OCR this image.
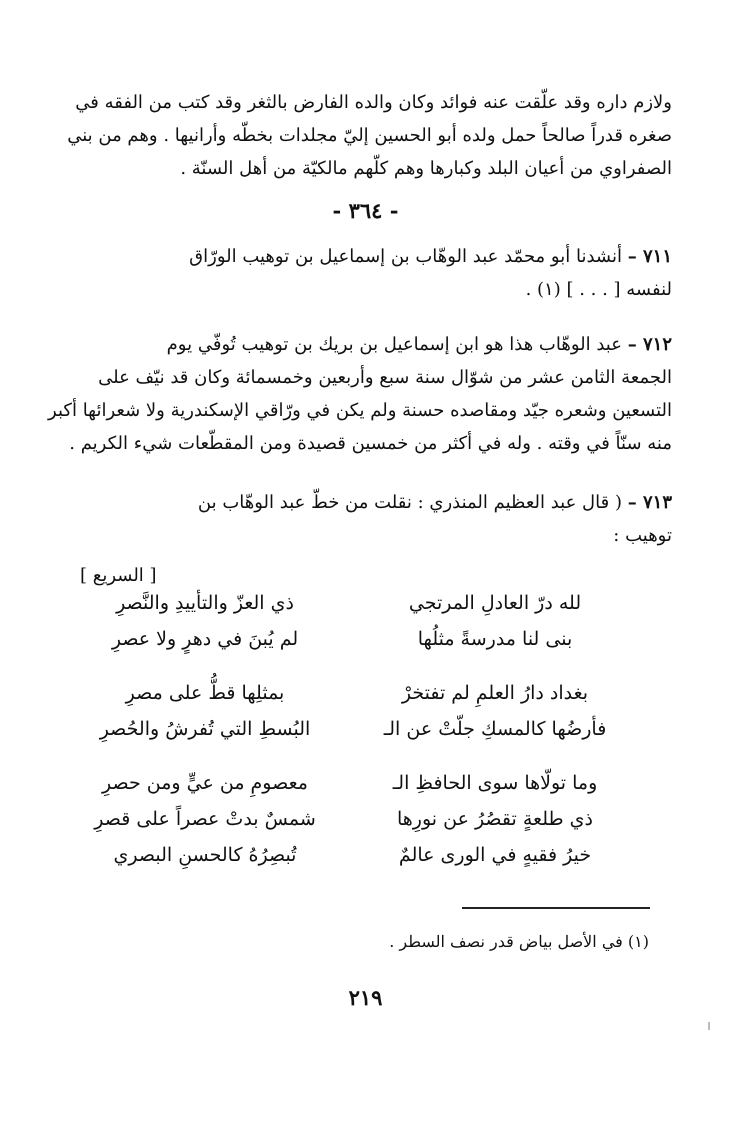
ولازم داره وقد علّقت عنه فوائد وكان والده الفارض بالثغر وقد كتب من الفقه في
صغره قدراً صالحاً حمل ولده أبو الحسين إليّ مجلدات بخطّه وأرانيها . وهم من بني
الصفراوي من أعيان البلد وكبارها وهم كلّهم مالكيّة من أهل السنّة .
- ٣٦٤ -
٧١١ – أنشدنا أبو محمّد عبد الوهّاب بن إسماعيل بن توهيب الورّاق
لنفسه [ . . . ] (١) .
٧١٢ – عبد الوهّاب هذا هو ابن إسماعيل بن بريك بن توهيب تُوفّي يوم
الجمعة الثامن عشر من شوّال سنة سبع وأربعين وخمسمائة وكان قد نيّف على
التسعين وشعره جيّد ومقاصده حسنة ولم يكن في ورّاقي الإسكندرية ولا شعرائها أكبر
منه سنّاً في وقته . وله في أكثر من خمسين قصيدة ومن المقطّعات شيء الكريم .
٧١٣ – ( قال عبد العظيم المنذري : نقلت من خطّ عبد الوهّاب بن
توهيب :
[ السريع ]
لله درّ العادلِ المرتجي
ذي العزّ والتأييدِ والنَّصرِ
بنى لنا مدرسةً مثلُها
لم يُبنَ في دهرٍ ولا عصرِ
بغداد دارُ العلمِ لم تفتخرْ
بمثلِها قطُّ على مصرِ
فأرضُها كالمسكِ جلّتْ عن الـ
البُسطِ التي تُفرشُ والحُصرِ
وما تولّاها سوى الحافظِ الـ
معصومِ من عيٍّ ومن حصرِ
ذي طلعةٍ تقصُرُ عن نورِها
شمسٌ بدتْ عصراً على قصرِ
خيرُ فقيهٍ في الورى عالمٌ
تُبصِرُهُ كالحسنِ البصري
(١) في الأصل بياض قدر نصف السطر .
٢١٩
